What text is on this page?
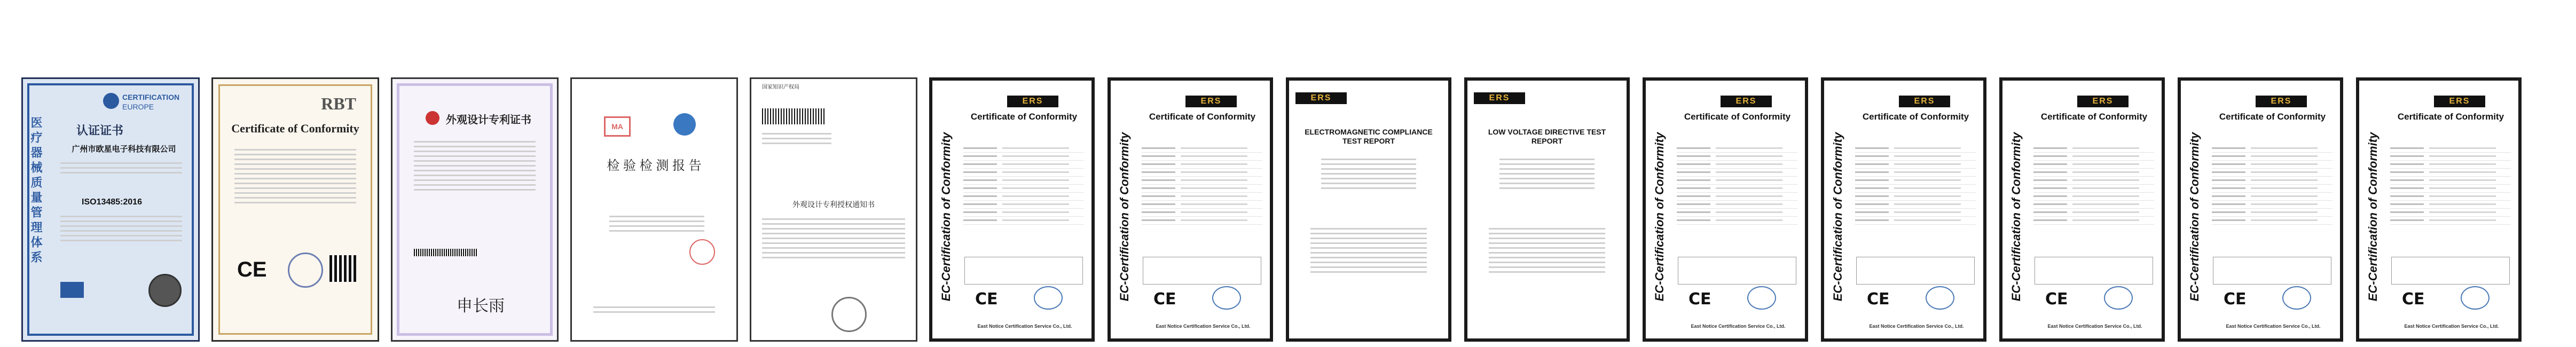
医疗器械质量管理体系
CERTIFICATION
EUROPE
认证证书
广州市欧星电子科技有限公司
ISO13485:2016
RBT
Certificate of Conformity
CE
外观设计专利证书
申长雨
MA
检 验 检 测 报 告
国家知识产权局
外观设计专利授权通知书	EC-Certification of Conformity
ERS
Certificate of Conformity
CE
East Notice Certification Service Co., Ltd.
EC-Certification of Conformity
ERS
Certificate of Conformity
CE
East Notice Certification Service Co., Ltd.
ERS
ELECTROMAGNETIC COMPLIANCE TEST REPORT
ERS
LOW VOLTAGE DIRECTIVE TEST REPORT	EC-Certification of Conformity
ERS
Certificate of Conformity
CE
East Notice Certification Service Co., Ltd.
EC-Certification of Conformity
ERS
Certificate of Conformity
CE
East Notice Certification Service Co., Ltd.
EC-Certification of Conformity
ERS
Certificate of Conformity
CE
East Notice Certification Service Co., Ltd.
EC-Certification of Conformity
ERS
Certificate of Conformity
CE
East Notice Certification Service Co., Ltd.
EC-Certification of Conformity
ERS
Certificate of Conformity
CE
East Notice Certification Service Co., Ltd.
